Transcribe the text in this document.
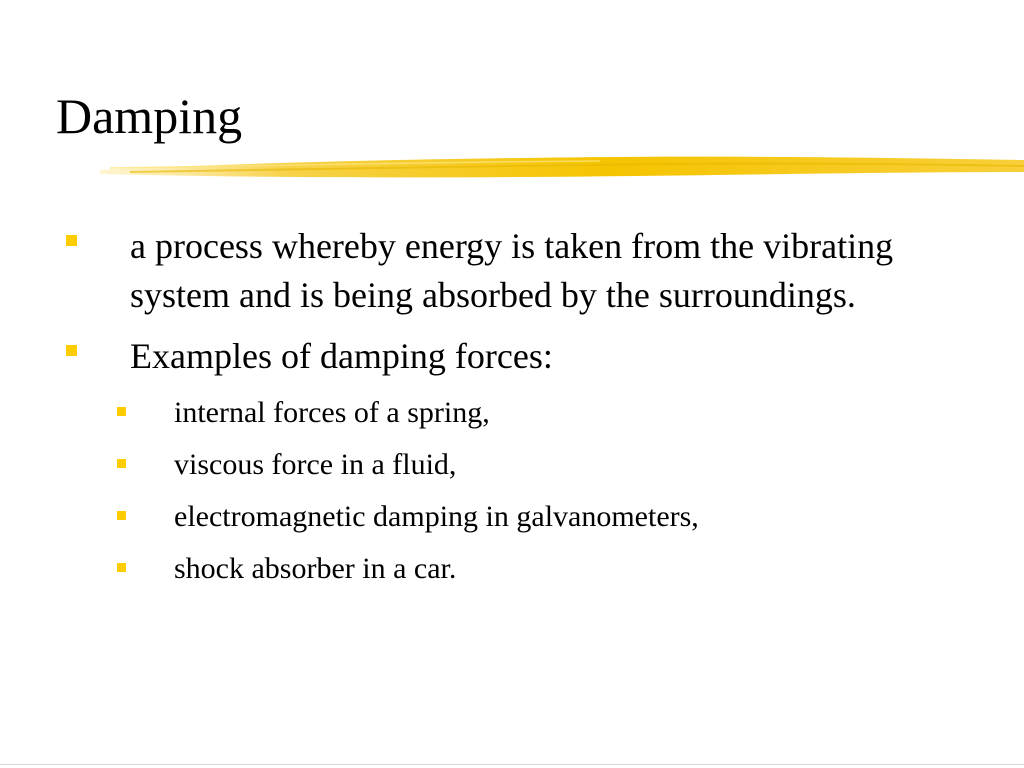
Damping
a process whereby energy is taken from the vibrating system and is being absorbed by the surroundings.
Examples of damping forces:
internal forces of a spring,
viscous force in a fluid,
electromagnetic damping in galvanometers,
shock absorber in a car.
